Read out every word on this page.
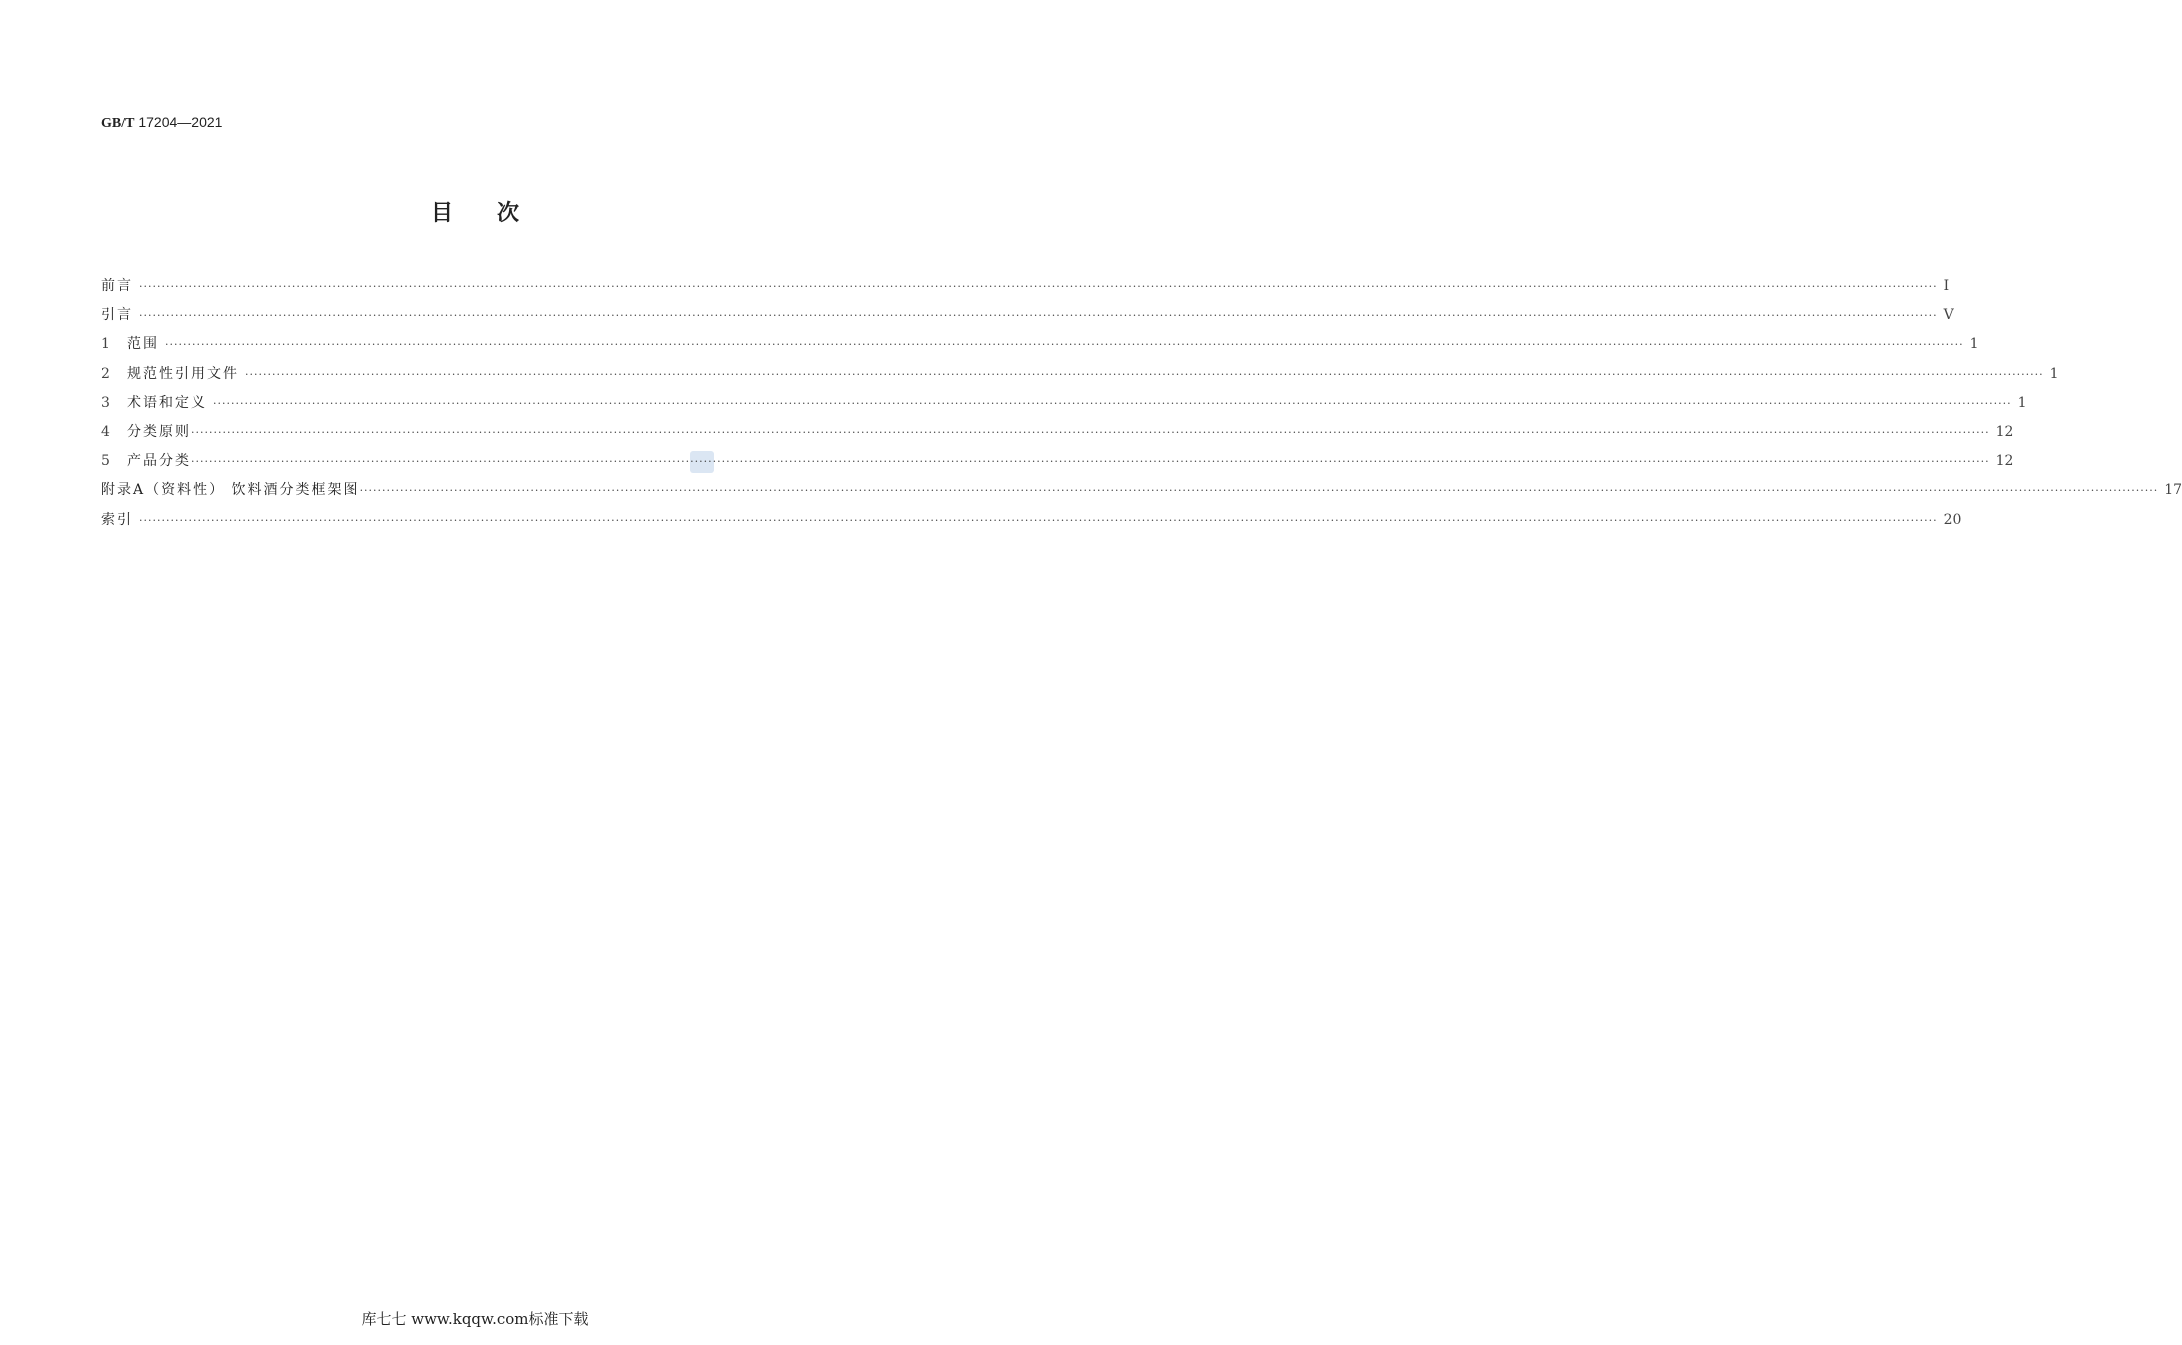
GB/T 17204—2021
目次
前言 ················································································································································································································································································································································································································ Ⅰ
引言 ················································································································································································································································································································································································································ Ⅴ
1	范围 ················································································································································································································································································································································································································ 1
2	规范性引用文件 ················································································································································································································································································································································································································ 1
3	术语和定义 ················································································································································································································································································································································································································ 1
4	分类原则 ················································································································································································································································································································································································································ 12
5	产品分类 ················································································································································································································································································································································································································ 12
附录A（资料性） 饮料酒分类框架图 ················································································································································································································································································································································································································ 17
索引 ················································································································································································································································································································································································································ 20
库七七 www.kqqw.com标准下载
